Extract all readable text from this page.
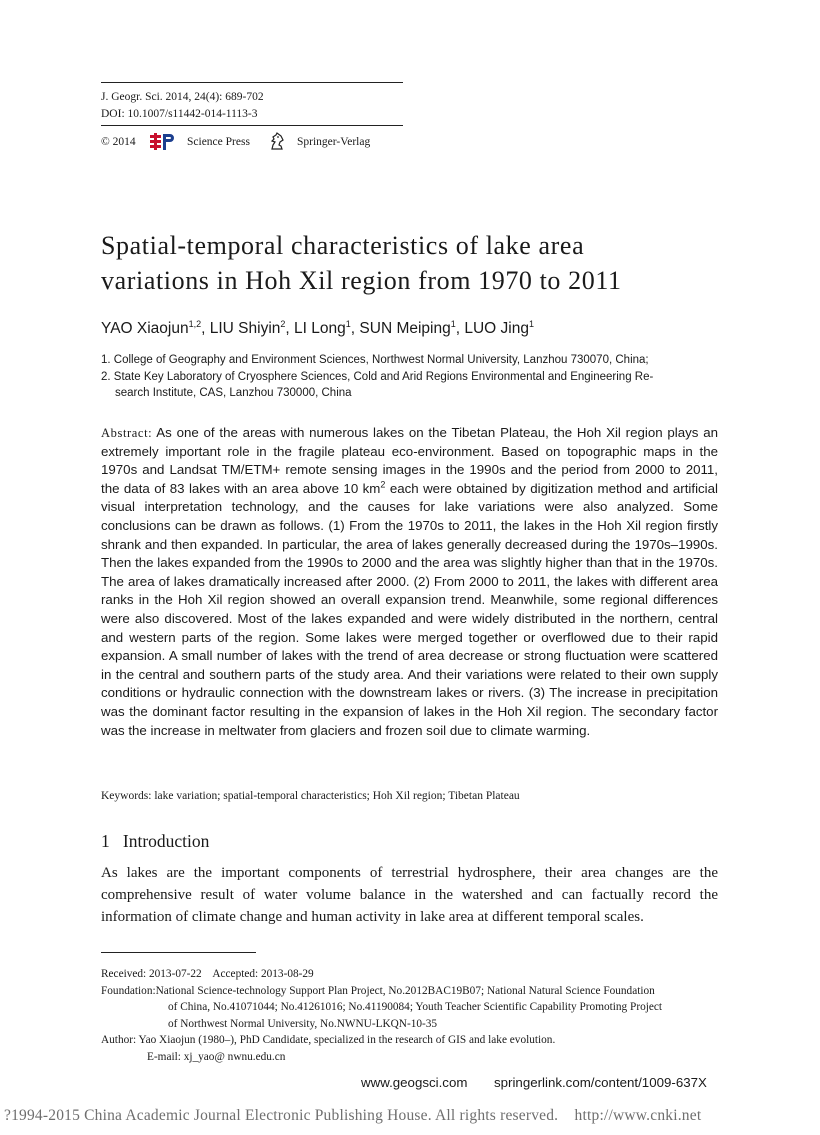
J. Geogr. Sci. 2014, 24(4): 689-702
DOI: 10.1007/s11442-014-1113-3
© 2014	Science Press	Springer-Verlag
Spatial-temporal characteristics of lake area
variations in Hoh Xil region from 1970 to 2011
YAO Xiaojun$^{1,2}$, LIU Shiyin$^2$, LI Long$^1$, SUN Meiping$^1$, LUO Jing$^1$
1. College of Geography and Environment Sciences, Northwest Normal University, Lanzhou 730070, China;
2. State Key Laboratory of Cryosphere Sciences, Cold and Arid Regions Environmental and Engineering Re-
search Institute, CAS, Lanzhou 730000, China
Abstract: As one of the areas with numerous lakes on the Tibetan Plateau, the Hoh Xil region plays an extremely important role in the fragile plateau eco-environment. Based on topographic maps in the 1970s and Landsat TM/ETM+ remote sensing images in the 1990s and the period from 2000 to 2011, the data of 83 lakes with an area above 10 $km^2$ each were obtained by digitization method and artificial visual interpretation technology, and the causes for lake variations were also analyzed. Some conclusions can be drawn as follows. (1) From the 1970s to 2011, the lakes in the Hoh Xil region firstly shrank and then expanded. In particular, the area of lakes generally decreased during the 1970s–1990s. Then the lakes expanded from the 1990s to 2000 and the area was slightly higher than that in the 1970s. The area of lakes dramatically increased after 2000. (2) From 2000 to 2011, the lakes with different area ranks in the Hoh Xil region showed an overall expansion trend. Meanwhile, some regional differences were also discovered. Most of the lakes expanded and were widely distributed in the northern, central and western parts of the region. Some lakes were merged together or overflowed due to their rapid expansion. A small number of lakes with the trend of area decrease or strong fluctuation were scattered in the central and southern parts of the study area. And their variations were related to their own supply conditions or hydraulic connection with the downstream lakes or rivers. (3) The increase in precipitation was the dominant factor resulting in the expansion of lakes in the Hoh Xil region. The secondary factor was the increase in meltwater from glaciers and frozen soil due to climate warming.
Keywords: lake variation; spatial-temporal characteristics; Hoh Xil region; Tibetan Plateau
1   Introduction
As lakes are the important components of terrestrial hydrosphere, their area changes are the comprehensive result of water volume balance in the watershed and can factually record the information of climate change and human activity in lake area at different temporal scales.
Received: 2013-07-22    Accepted: 2013-08-29
Foundation:National Science-technology Support Plan Project, No.2012BAC19B07; National Natural Science Foundation
of China, No.41071044; No.41261016; No.41190084; Youth Teacher Scientific Capability Promoting Project
of Northwest Normal University, No.NWNU-LKQN-10-35
Author: Yao Xiaojun (1980–), PhD Candidate, specialized in the research of GIS and lake evolution.
E-mail: xj_yao@ nwnu.edu.cn
www.geogsci.com springerlink.com/content/1009-637X
?1994-2015 China Academic Journal Electronic Publishing House. All rights reserved.    http://www.cnki.net
